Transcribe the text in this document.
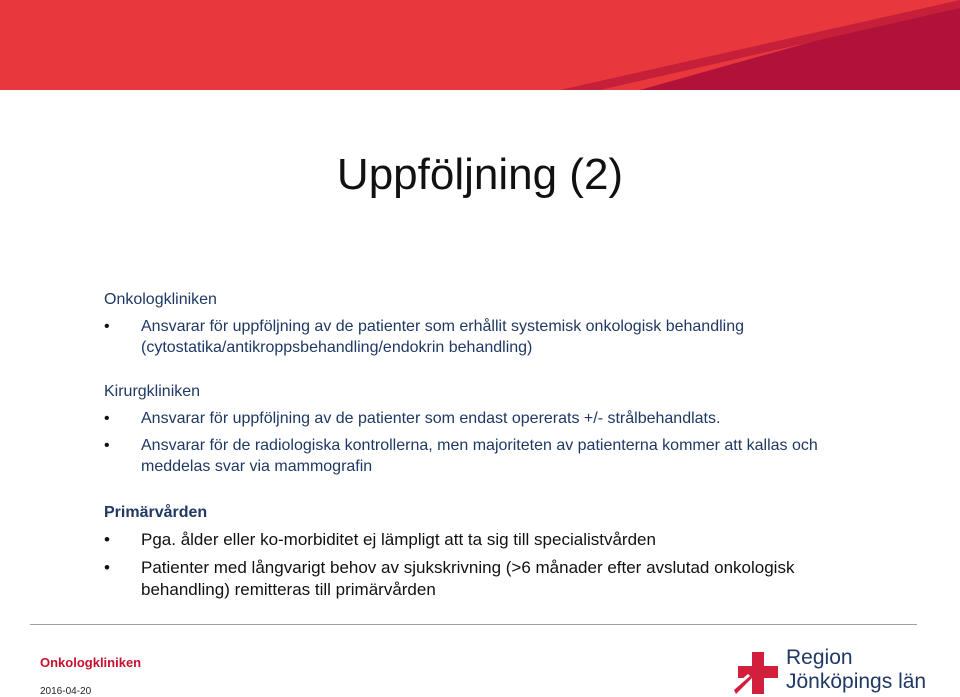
Uppföljning (2)

Onkologkliniken

• Ansvarar för uppföljning av de patienter som erhållit systemisk onkologisk behandling (cytostatika/antikroppsbehandling/endokrin behandling)

Kirurgkliniken

• Ansvarar för uppföljning av de patienter som endast opererats +/- strålbehandlats.

• Ansvarar för de radiologiska kontrollerna, men majoriteten av patienterna kommer att kallas och meddelas svar via mammografin

Primärvården

• Pga. ålder eller ko-morbiditet ej lämpligt att ta sig till specialistvården

• Patienter med långvarigt behov av sjukskrivning (>6 månader efter avslutad onkologisk behandling) remitteras till primärvården

Onkologkliniken
2016-04-20
Region
Jönköpings län
